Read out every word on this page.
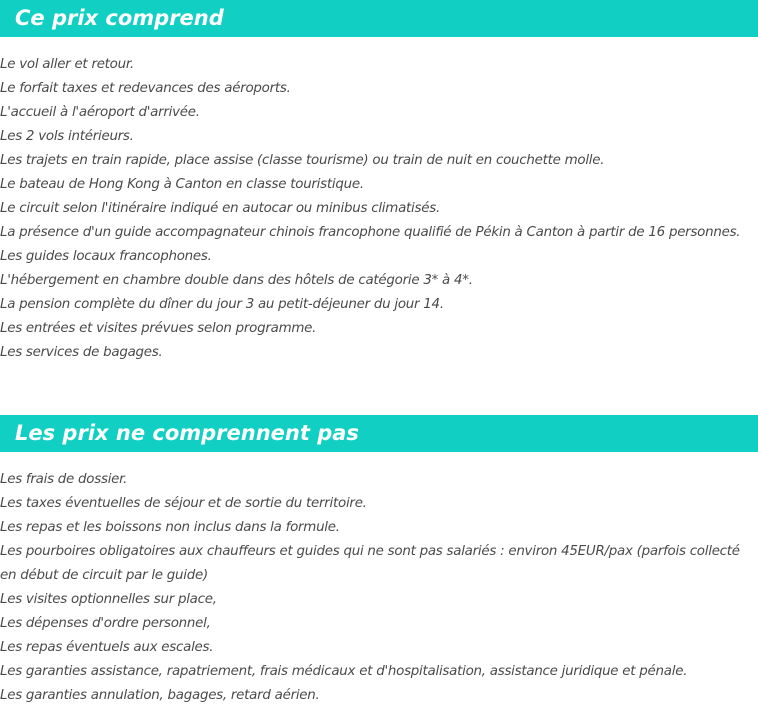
Ce prix comprend
Le vol aller et retour.
Le forfait taxes et redevances des aéroports.
L'accueil à l'aéroport d'arrivée.
Les 2 vols intérieurs.
Les trajets en train rapide, place assise (classe tourisme) ou train de nuit en couchette molle.
Le bateau de Hong Kong à Canton en classe touristique.
Le circuit selon l'itinéraire indiqué en autocar ou minibus climatisés.
La présence d'un guide accompagnateur chinois francophone qualifié de Pékin à Canton à partir de 16 personnes.
Les guides locaux francophones.
L'hébergement en chambre double dans des hôtels de catégorie 3* à 4*.
La pension complète du dîner du jour 3 au petit-déjeuner du jour 14.
Les entrées et visites prévues selon programme.
Les services de bagages.
Les prix ne comprennent pas
Les frais de dossier.
Les taxes éventuelles de séjour et de sortie du territoire.
Les repas et les boissons non inclus dans la formule.
Les pourboires obligatoires aux chauffeurs et guides qui ne sont pas salariés : environ 45EUR/pax (parfois collecté en début de circuit par le guide)
Les visites optionnelles sur place,
Les dépenses d'ordre personnel,
Les repas éventuels aux escales.
Les garanties assistance, rapatriement, frais médicaux et d'hospitalisation, assistance juridique et pénale.
Les garanties annulation, bagages, retard aérien.
